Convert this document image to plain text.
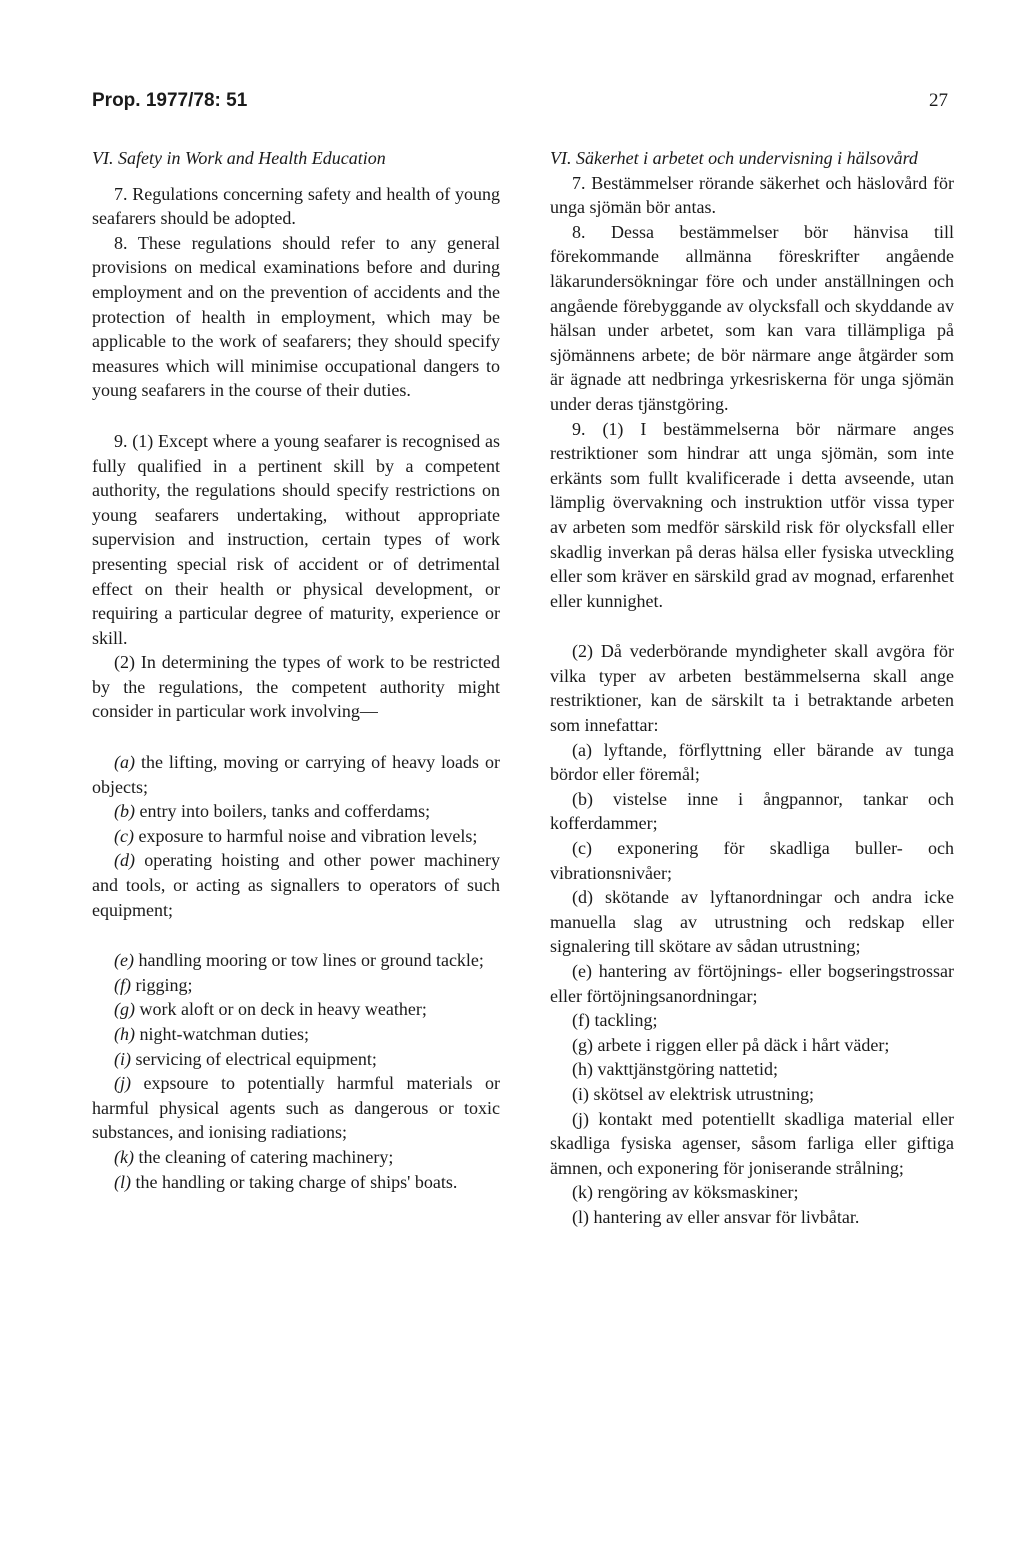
Prop. 1977/78: 51	27

VI. Safety in Work and Health Education

7. Regulations concerning safety and health of young seafarers should be adopted.

8. These regulations should refer to any general provisions on medical examinations before and during employment and on the prevention of accidents and the protection of health in employment, which may be applicable to the work of seafarers; they should specify measures which will minimise occupational dangers to young seafarers in the course of their duties.

9. (1) Except where a young seafarer is recognised as fully qualified in a pertinent skill by a competent authority, the regulations should specify restrictions on young seafarers undertaking, without appropriate supervision and instruction, certain types of work presenting special risk of accident or of detrimental effect on their health or physical development, or requiring a particular degree of maturity, experience or skill.

(2) In determining the types of work to be restricted by the regulations, the competent authority might consider in particular work involving—

(a) the lifting, moving or carrying of heavy loads or objects;

(b) entry into boilers, tanks and cofferdams;

(c) exposure to harmful noise and vibration levels;

(d) operating hoisting and other power machinery and tools, or acting as signallers to operators of such equipment;

(e) handling mooring or tow lines or ground tackle;

(f) rigging;

(g) work aloft or on deck in heavy weather;

(h) night-watchman duties;

(i) servicing of electrical equipment;

(j) expsoure to potentially harmful materials or harmful physical agents such as dangerous or toxic substances, and ionising radiations;

(k) the cleaning of catering machinery;

(l) the handling or taking charge of ships' boats.

VI. Säkerhet i arbetet och undervisning i hälsovård

7. Bestämmelser rörande säkerhet och häslovård för unga sjömän bör antas.

8. Dessa bestämmelser bör hänvisa till förekommande allmänna föreskrifter angående läkarundersökningar före och under anställningen och angående förebyggande av olycksfall och skyddande av hälsan under arbetet, som kan vara tillämpliga på sjömännens arbete; de bör närmare ange åtgärder som är ägnade att nedbringa yrkesriskerna för unga sjömän under deras tjänstgöring.

9. (1) I bestämmelserna bör närmare anges restriktioner som hindrar att unga sjömän, som inte erkänts som fullt kvalificerade i detta avseende, utan lämplig övervakning och instruktion utför vissa typer av arbeten som medför särskild risk för olycksfall eller skadlig inverkan på deras hälsa eller fysiska utveckling eller som kräver en särskild grad av mognad, erfarenhet eller kunnighet.

(2) Då vederbörande myndigheter skall avgöra för vilka typer av arbeten bestämmelserna skall ange restriktioner, kan de särskilt ta i betraktande arbeten som innefattar:

(a) lyftande, förflyttning eller bärande av tunga bördor eller föremål;

(b) vistelse inne i ångpannor, tankar och kofferdammer;

(c) exponering för skadliga buller- och vibrationsnivåer;

(d) skötande av lyftanordningar och andra icke manuella slag av utrustning och redskap eller signalering till skötare av sådan utrustning;

(e) hantering av förtöjnings- eller bogseringstrossar eller förtöjningsanordningar;

(f) tackling;

(g) arbete i riggen eller på däck i hårt väder;

(h) vakttjänstgöring nattetid;

(i) skötsel av elektrisk utrustning;

(j) kontakt med potentiellt skadliga material eller skadliga fysiska agenser, såsom farliga eller giftiga ämnen, och exponering för joniserande strålning;

(k) rengöring av köksmaskiner;

(l) hantering av eller ansvar för livbåtar.
